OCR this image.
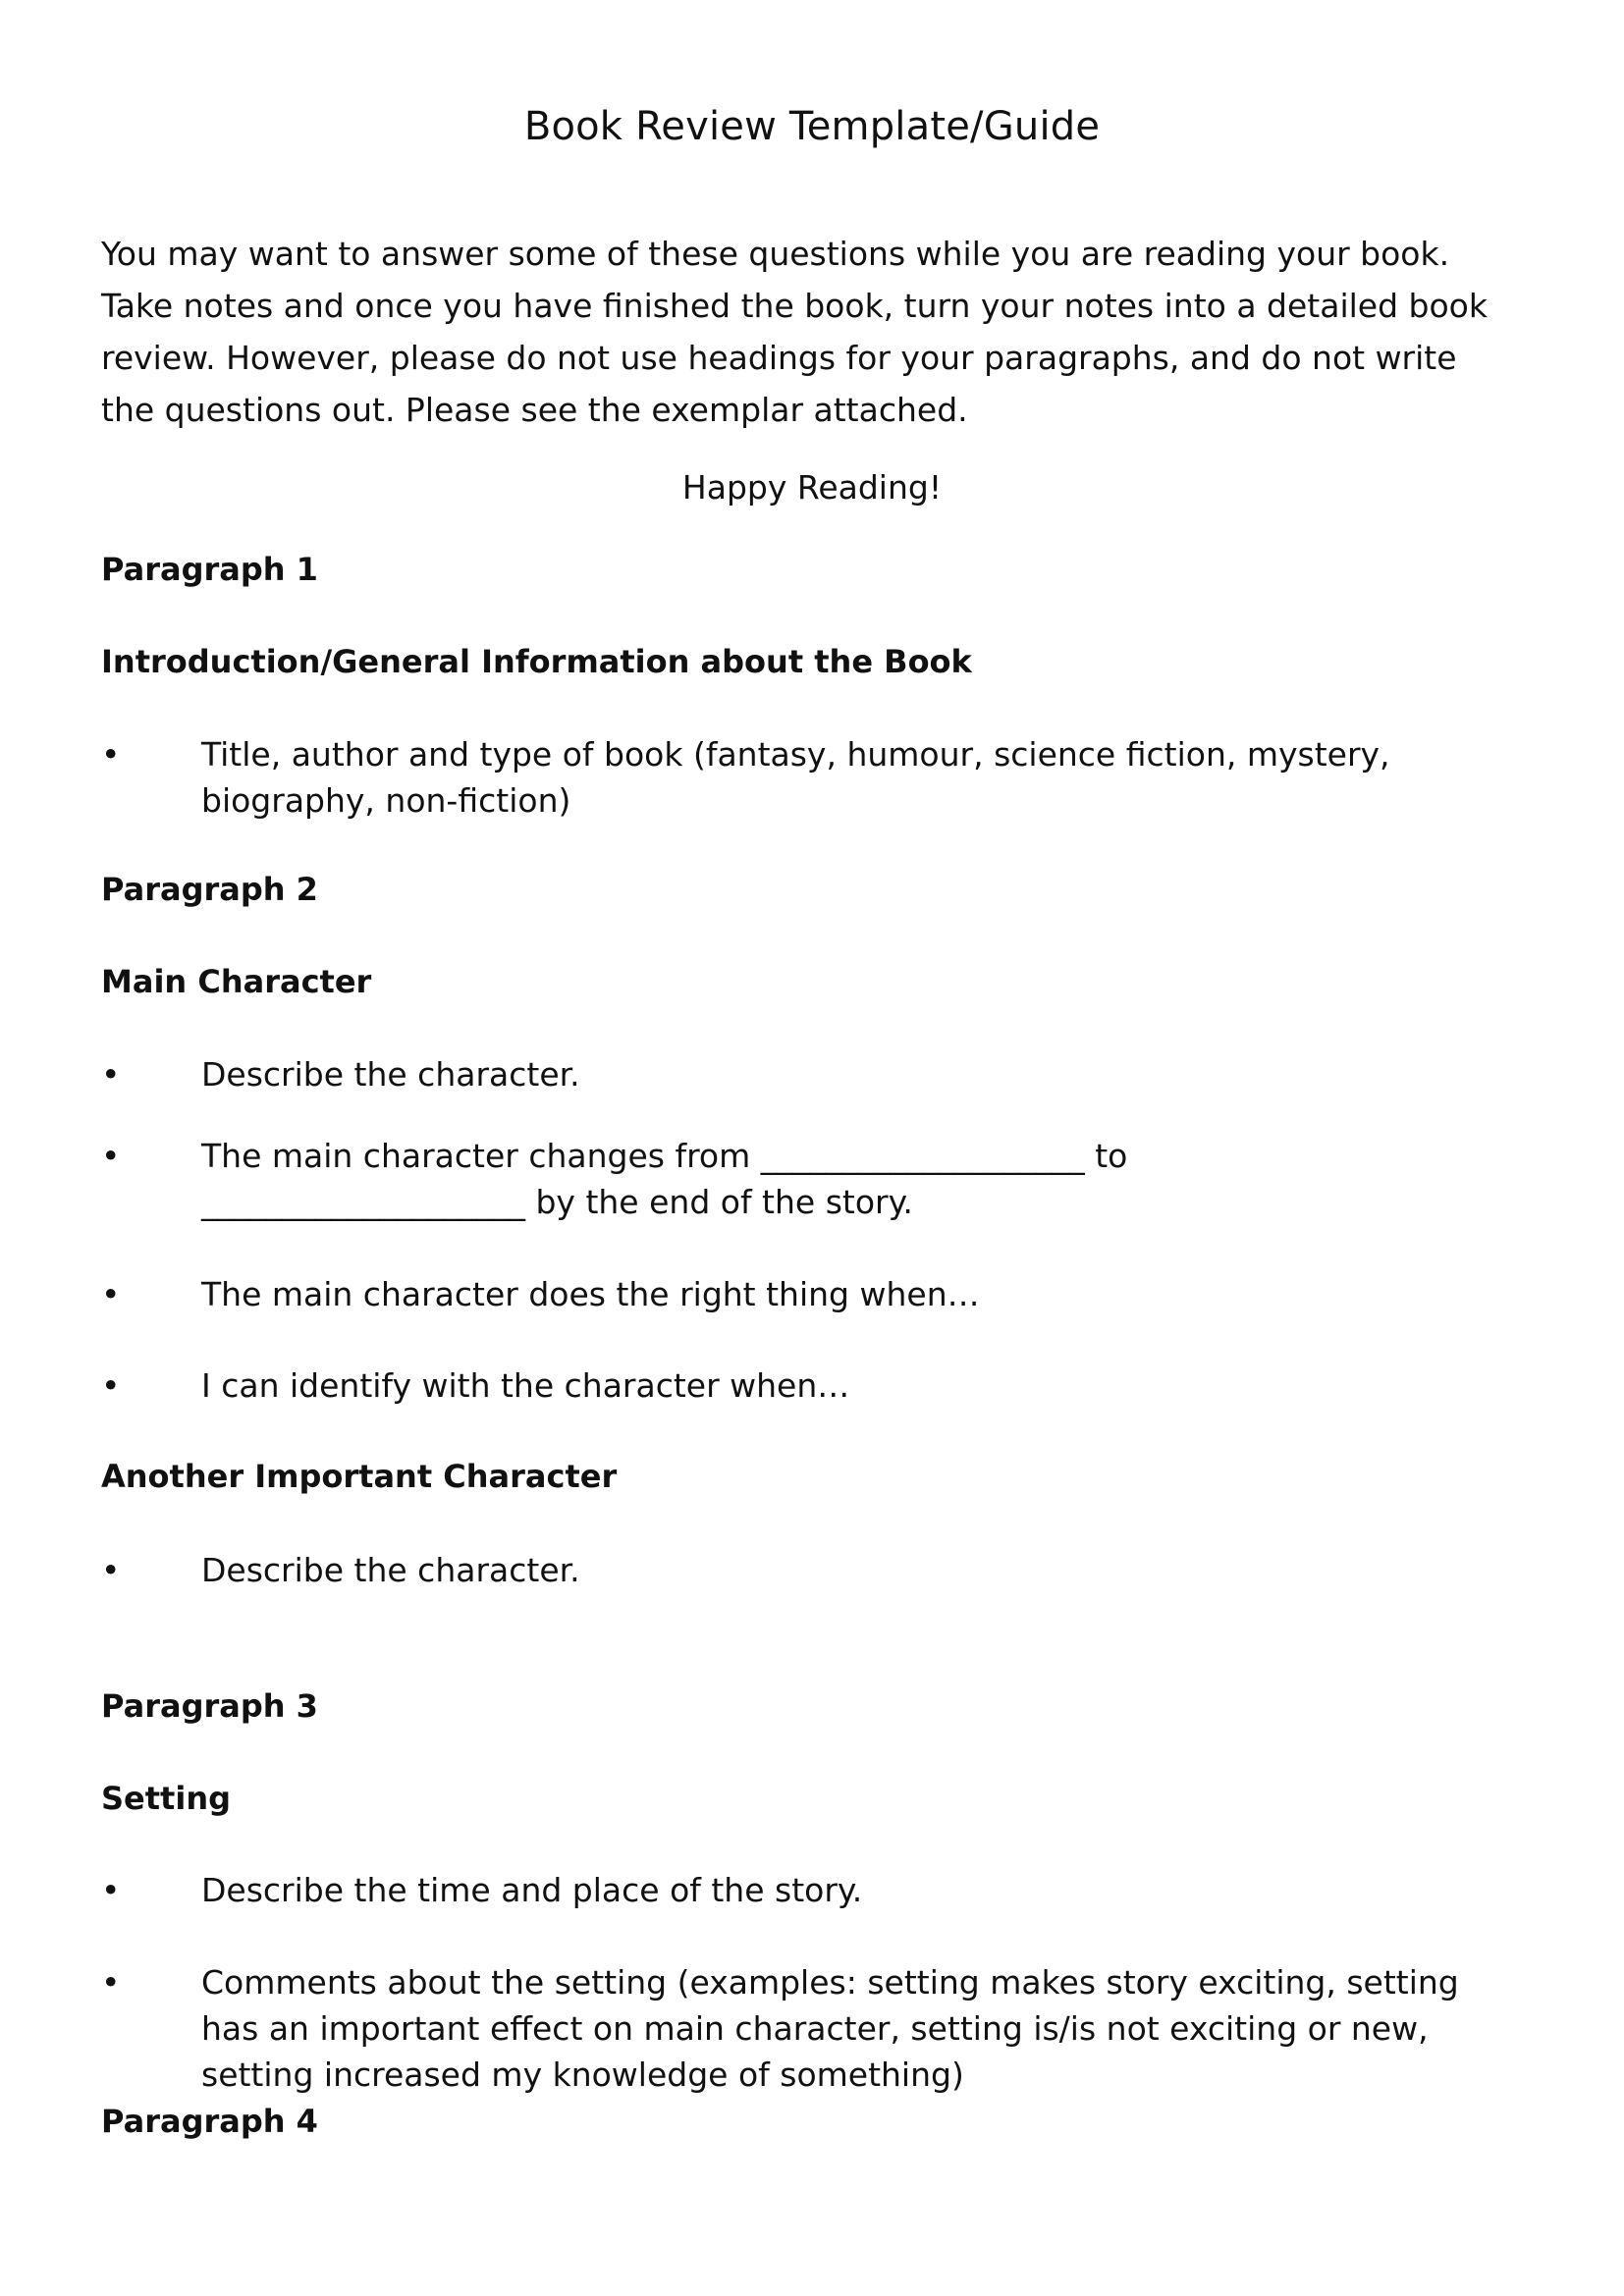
Book Review Template/Guide

You may want to answer some of these questions while you are reading your book. Take notes and once you have finished the book, turn your notes into a detailed book review. However, please do not use headings for your paragraphs, and do not write the questions out. Please see the exemplar attached.

Happy Reading!
Paragraph 1
Introduction/General Information about the Book
•	Title, author and type of book (fantasy, humour, science fiction, mystery, biography, non-fiction)
Paragraph 2
Main Character
•	Describe the character.
•	The main character changes from ____________________ to
____________________ by the end of the story.
•	The main character does the right thing when…
•	I can identify with the character when…
Another Important Character
•	Describe the character.
Paragraph 3
Setting
•	Describe the time and place of the story.
•	Comments about the setting (examples: setting makes story exciting, setting has an important effect on main character, setting is/is not exciting or new, setting increased my knowledge of something)
Paragraph 4
